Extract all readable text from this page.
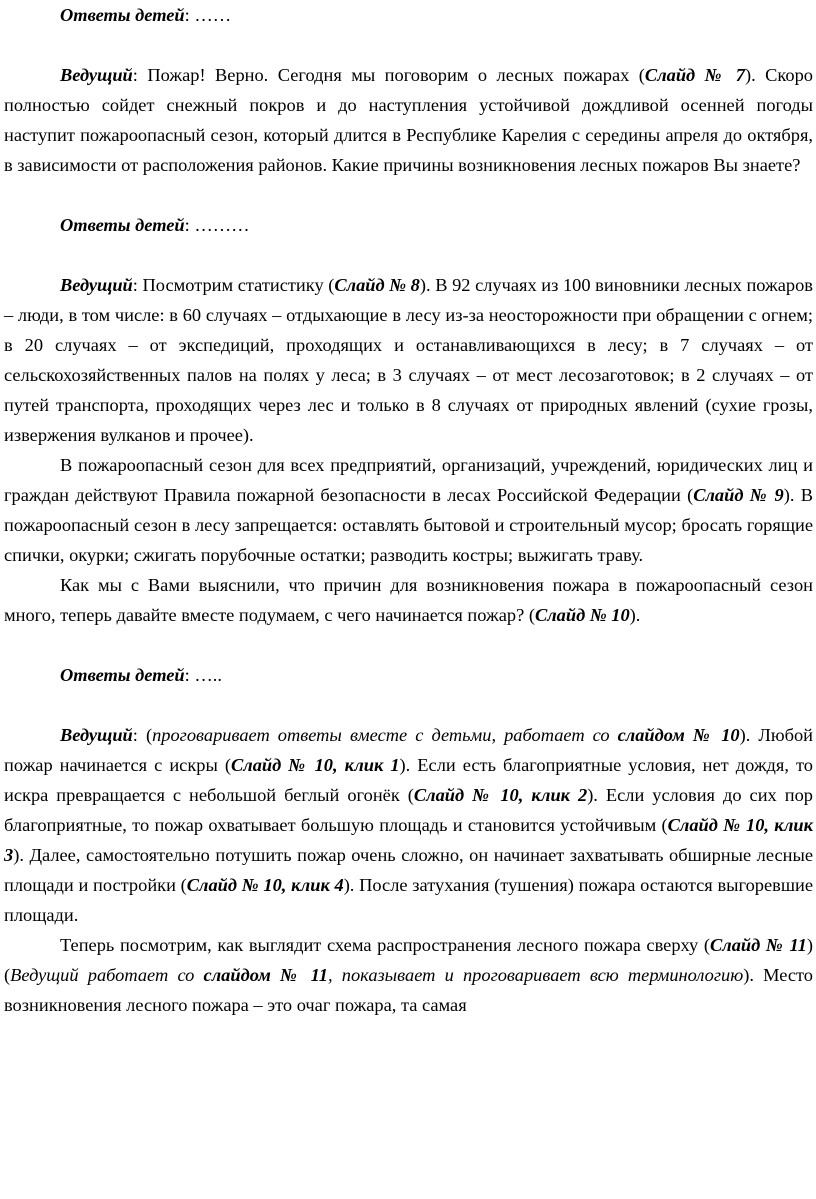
Ответы детей: ……

Ведущий: Пожар! Верно. Сегодня мы поговорим о лесных пожарах (Слайд № 7). Скоро полностью сойдет снежный покров и до наступления устойчивой дождливой осенней погоды наступит пожароопасный сезон, который длится в Республике Карелия с середины апреля до октября, в зависимости от расположения районов. Какие причины возникновения лесных пожаров Вы знаете?

Ответы детей: ………

Ведущий: Посмотрим статистику (Слайд № 8). В 92 случаях из 100 виновники лесных пожаров – люди, в том числе: в 60 случаях – отдыхающие в лесу из-за неосторожности при обращении с огнем; в 20 случаях – от экспедиций, проходящих и останавливающихся в лесу; в 7 случаях – от сельскохозяйственных палов на полях у леса; в 3 случаях – от мест лесозаготовок; в 2 случаях – от путей транспорта, проходящих через лес и только в 8 случаях от природных явлений (сухие грозы, извержения вулканов и прочее).

В пожароопасный сезон для всех предприятий, организаций, учреждений, юридических лиц и граждан действуют Правила пожарной безопасности в лесах Российской Федерации (Слайд № 9). В пожароопасный сезон в лесу запрещается: оставлять бытовой и строительный мусор; бросать горящие спички, окурки; сжигать порубочные остатки; разводить костры; выжигать траву.

Как мы с Вами выяснили, что причин для возникновения пожара в пожароопасный сезон много, теперь давайте вместе подумаем, с чего начинается пожар? (Слайд № 10).

Ответы детей: …..

Ведущий: (проговаривает ответы вместе с детьми, работает со слайдом № 10). Любой пожар начинается с искры (Слайд № 10, клик 1). Если есть благоприятные условия, нет дождя, то искра превращается с небольшой беглый огонёк (Слайд № 10, клик 2). Если условия до сих пор благоприятные, то пожар охватывает большую площадь и становится устойчивым (Слайд № 10, клик 3). Далее, самостоятельно потушить пожар очень сложно, он начинает захватывать обширные лесные площади и постройки (Слайд № 10, клик 4). После затухания (тушения) пожара остаются выгоревшие площади.

Теперь посмотрим, как выглядит схема распространения лесного пожара сверху (Слайд № 11) (Ведущий работает со слайдом № 11, показывает и проговаривает всю терминологию). Место возникновения лесного пожара – это очаг пожара, та самая
